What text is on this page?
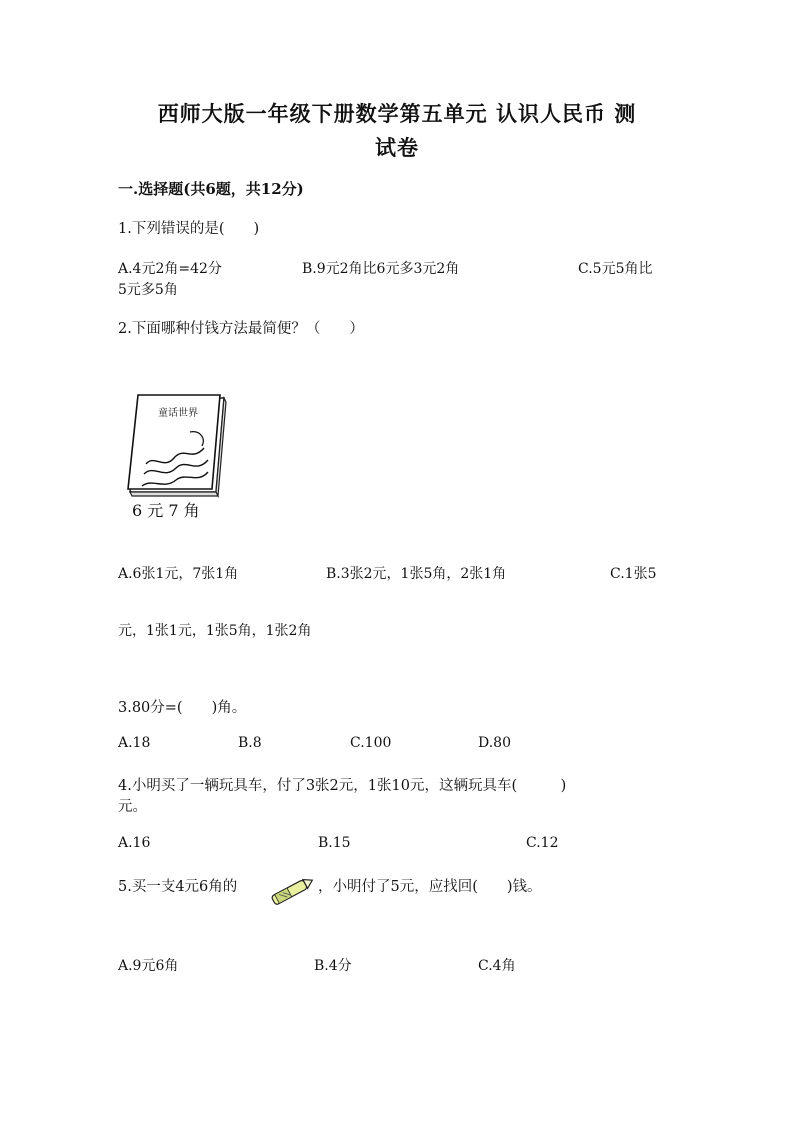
西师大版一年级下册数学第五单元 认识人民币 测
试卷
一.选择题(共6题，共12分)
1.下列错误的是(　　)
A.4元2角=42分	B.9元2角比6元多3元2角	C.5元5角比
5元多5角
2.下面哪种付钱方法最简便？（　　）
童话世界
6 元 7 角
A.6张1元，7张1角	B.3张2元，1张5角，2张1角	C.1张5
元，1张1元，1张5角，1张2角
3.80分=(　　)角。
A.18	B.8	C.100	D.80
4.小明买了一辆玩具车，付了3张2元，1张10元，这辆玩具车(　　　)
元。
A.16	B.15	C.12
5.买一支4元6角的	，小明付了5元，应找回(　　)钱。
A.9元6角	B.4分	C.4角
